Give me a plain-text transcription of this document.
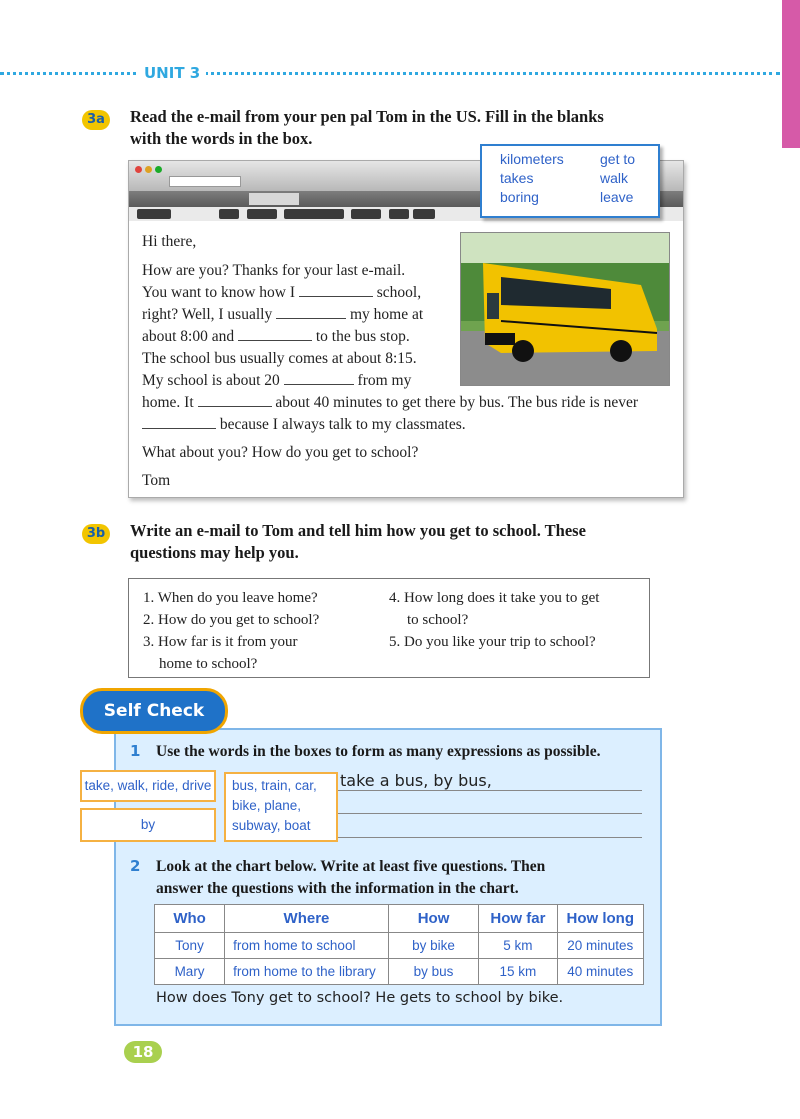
UNIT 3
3a	Read the e-mail from your pen pal Tom in the US. Fill in the blanks
with the words in the box.
Hi there,
How are you? Thanks for your last e-mail.
You want to know how I	school,
right? Well, I usually	my home at
about 8:00 and	to the bus stop.
The school bus usually comes at about 8:15.
My school is about 20	from my
home. It	about 40 minutes to get there by bus. The bus ride is never
because I always talk to my classmates.
What about you? How do you get to school?
Tom
kilometers
takes
boring
get to
walk
leave
3b Write an e-mail to Tom and tell him how you get to school. These
questions may help you.
1. When do you leave home?
2. How do you get to school?
3. How far is it from your
home to school?
4. How long does it take you to get
to school?
5. Do you like your trip to school?
Self Check
1 Use the words in the boxes to form as many expressions as possible.
take, walk, ride, drive
by
bus, train, car,
bike, plane,
subway, boat
take a bus, by bus,
2 Look at the chart below. Write at least five questions. Then
answer the questions with the information in the chart.
Who	Where	How	How far	How long
Tony	from home to school	by bike	5 km	20 minutes
Mary	from home to the library	by bus	15 km	40 minutes
How does Tony get to school? He gets to school by bike.
18
